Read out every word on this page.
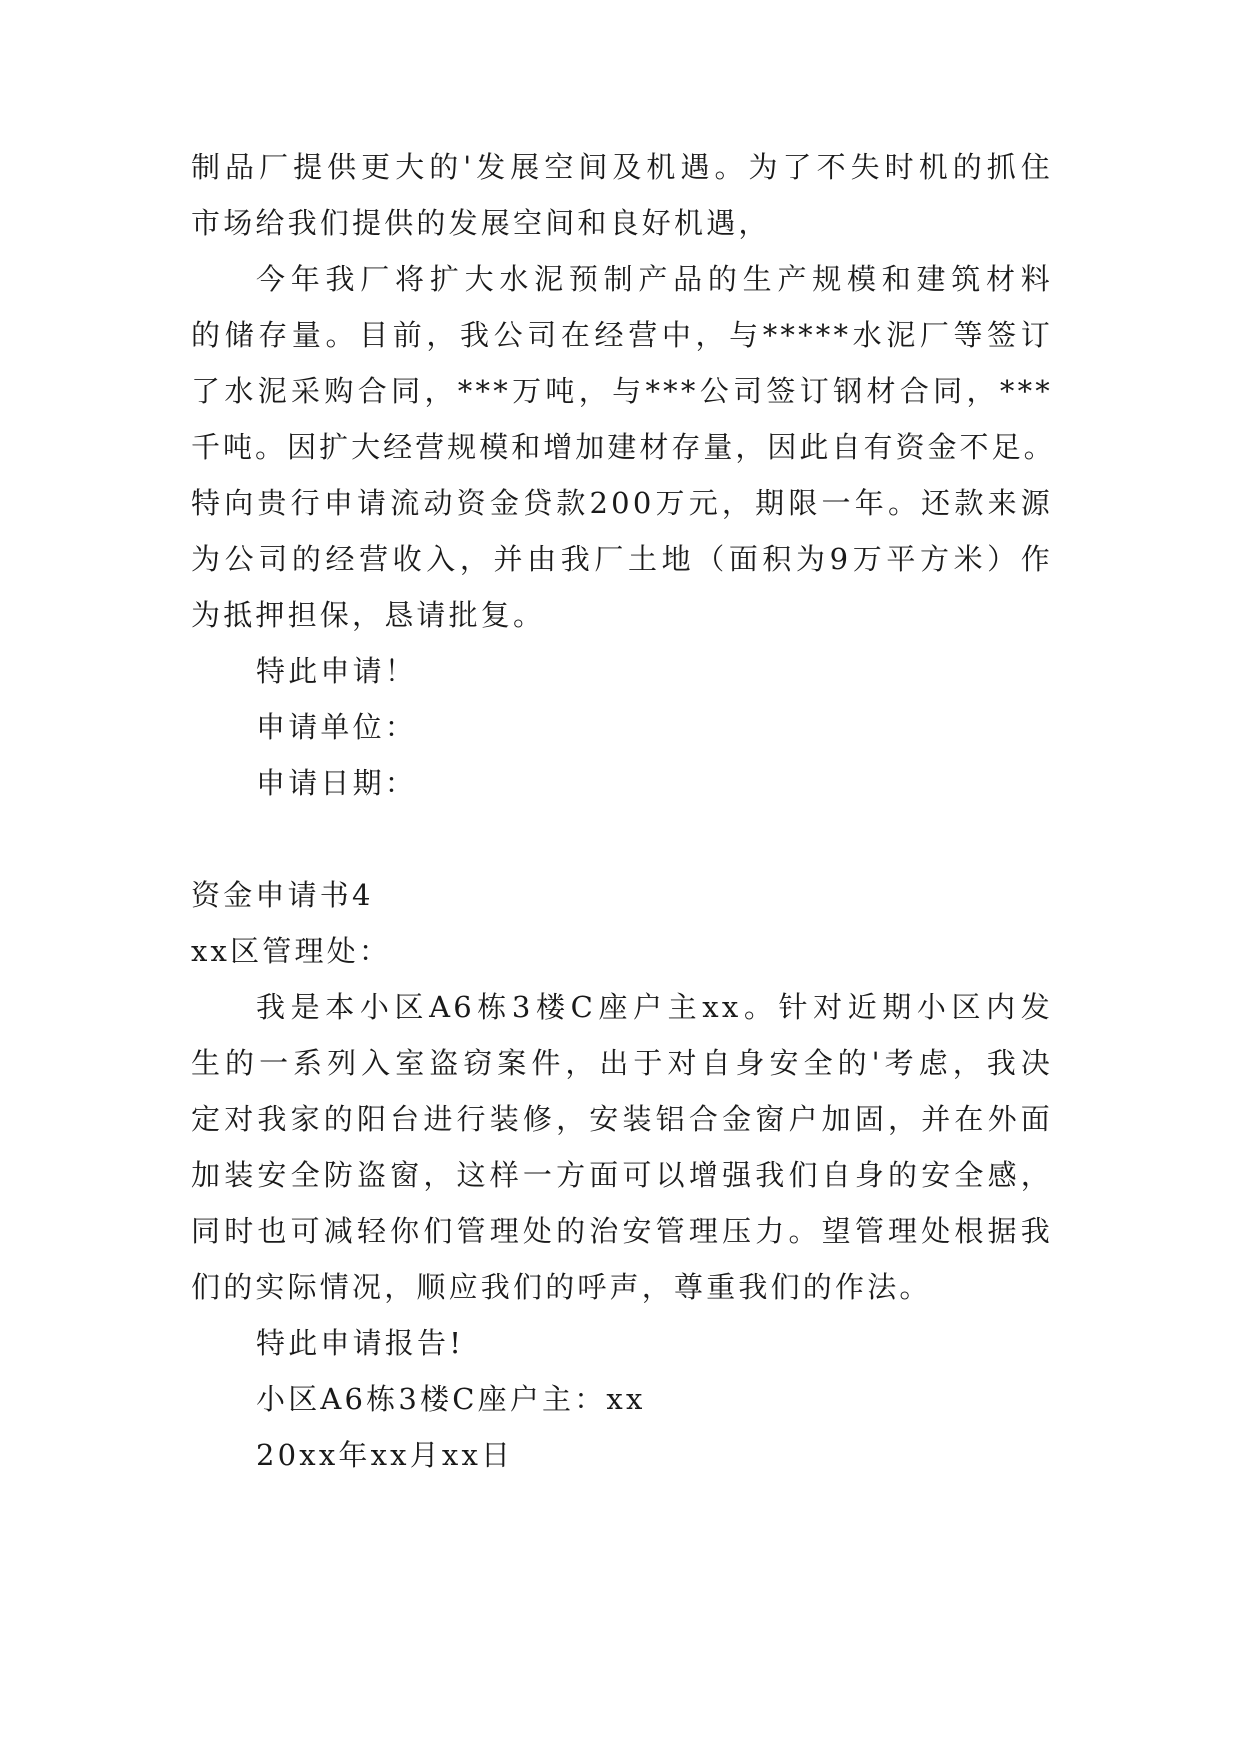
制品厂提供更大的'发展空间及机遇。为了不失时机的抓住
市场给我们提供的发展空间和良好机遇，
今年我厂将扩大水泥预制产品的生产规模和建筑材料
的储存量。目前，我公司在经营中，与*****水泥厂等签订
了水泥采购合同，***万吨，与***公司签订钢材合同，***
千吨。因扩大经营规模和增加建材存量，因此自有资金不足。
特向贵行申请流动资金贷款200万元，期限一年。还款来源
为公司的经营收入，并由我厂土地（面积为9万平方米）作
为抵押担保，恳请批复。
特此申请！
申请单位：
申请日期：
资金申请书4
xx区管理处：
我是本小区A6栋3楼C座户主xx。针对近期小区内发
生的一系列入室盗窃案件，出于对自身安全的'考虑，我决
定对我家的阳台进行装修，安装铝合金窗户加固，并在外面
加装安全防盗窗，这样一方面可以增强我们自身的安全感，
同时也可减轻你们管理处的治安管理压力。望管理处根据我
们的实际情况，顺应我们的呼声，尊重我们的作法。
特此申请报告!
小区A6栋3楼C座户主：xx
20xx年xx月xx日
